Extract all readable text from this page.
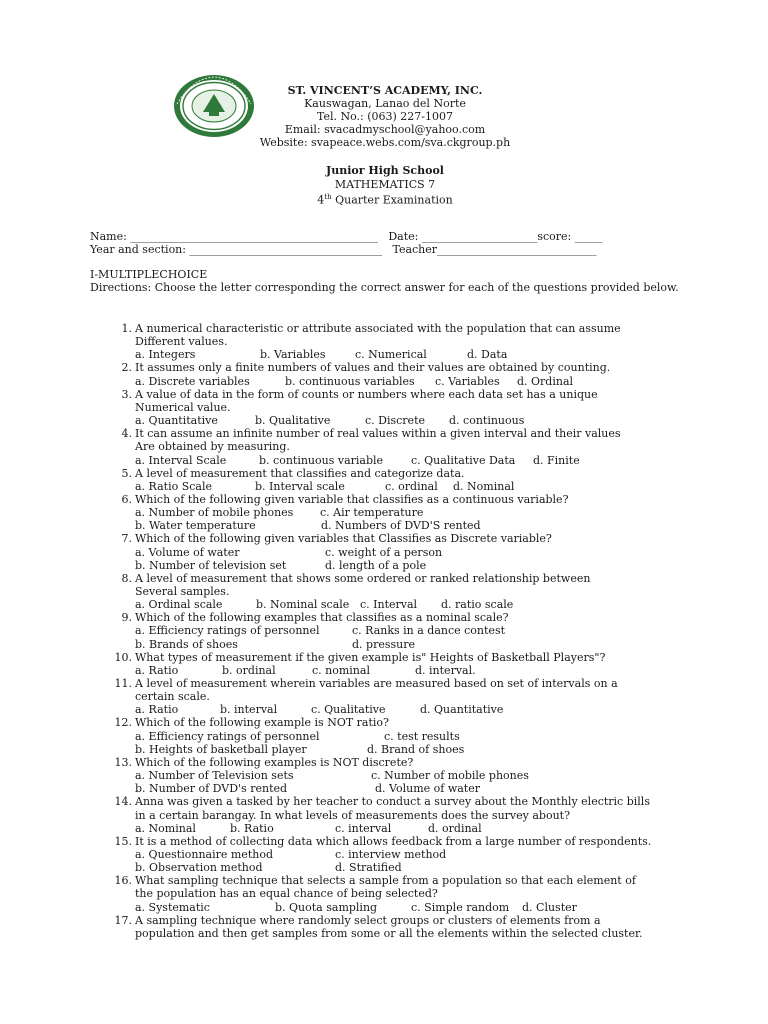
ST. VINCENT’S ACADEMY, INC.
Kauswagan, Lanao del Norte
Tel. No.: (063) 227-1007
Email: svacadmyschool@yahoo.com
Website: svapeace.webs.com/sva.ckgroup.ph
Junior High School
MATHEMATICS 7
4th Quarter Examination
Name: _____________________________________________   Date: _____________________score: _____
Year and section: ___________________________________   Teacher_____________________________
I-MULTIPLECHOICE
Directions: Choose the letter corresponding the correct answer for each of the questions provided below.
1. A numerical characteristic or attribute associated with the population that can assume
Different values.
a. Integers	b. Variables	c. Numerical	d. Data
2. It assumes only a finite numbers of values and their values are obtained by counting.
a. Discrete variables	b. continuous variables c. Variables d. Ordinal
3. A value of data in the form of counts or numbers where each data set has a unique
Numerical value.
a. Quantitative	b. Qualitative	c. Discrete d. continuous
4. It can assume an infinite number of real values within a given interval and their values
Are obtained by measuring.
a. Interval Scale	b. continuous variable	c. Qualitative Data d. Finite
5. A level of measurement that classifies and categorize data.
a. Ratio Scale	b. Interval scale	c. ordinal d. Nominal
6. Which of the following given variable that classifies as a continuous variable?
a. Number of mobile phones c. Air temperature
b. Water temperature	d. Numbers of DVD'S rented
7. Which of the following given variables that Classifies as Discrete variable?
a. Volume of water	c. weight of a person
b. Number of television set	d. length of a pole
8. A level of measurement that shows some ordered or ranked relationship between
Several samples.
a. Ordinal scale	b. Nominal scale c. Interval d. ratio scale
9. Which of the following examples that classifies as a nominal scale?
a. Efficiency ratings of personnel	c. Ranks in a dance contest
b. Brands of shoes	d. pressure
10. What types of measurement if the given example is" Heights of Basketball Players"?
a. Ratio	b. ordinal	c. nominal	d. interval.
11. A level of measurement wherein variables are measured based on set of intervals on a
certain scale.
a. Ratio	b. interval	c. Qualitative	d. Quantitative
12. Which of the following example is NOT ratio?
a. Efficiency ratings of personnel	c. test results
b. Heights of basketball player	d. Brand of shoes
13. Which of the following examples is NOT discrete?
a. Number of Television sets	c. Number of mobile phones
b. Number of DVD's rented	d. Volume of water
14. Anna was given a tasked by her teacher to conduct a survey about the Monthly electric bills
in a certain barangay. In what levels of measurements does the survey about?
a. Nominal	b. Ratio	c. interval	d. ordinal
15. It is a method of collecting data which allows feedback from a large number of respondents.
a. Questionnaire method	c. interview method
b. Observation method	d. Stratified
16. What sampling technique that selects a sample from a population so that each element of
the population has an equal chance of being selected?
a. Systematic	b. Quota sampling	c. Simple random d. Cluster
17. A sampling technique where randomly select groups or clusters of elements from a
population and then get samples from some or all the elements within the selected cluster.
